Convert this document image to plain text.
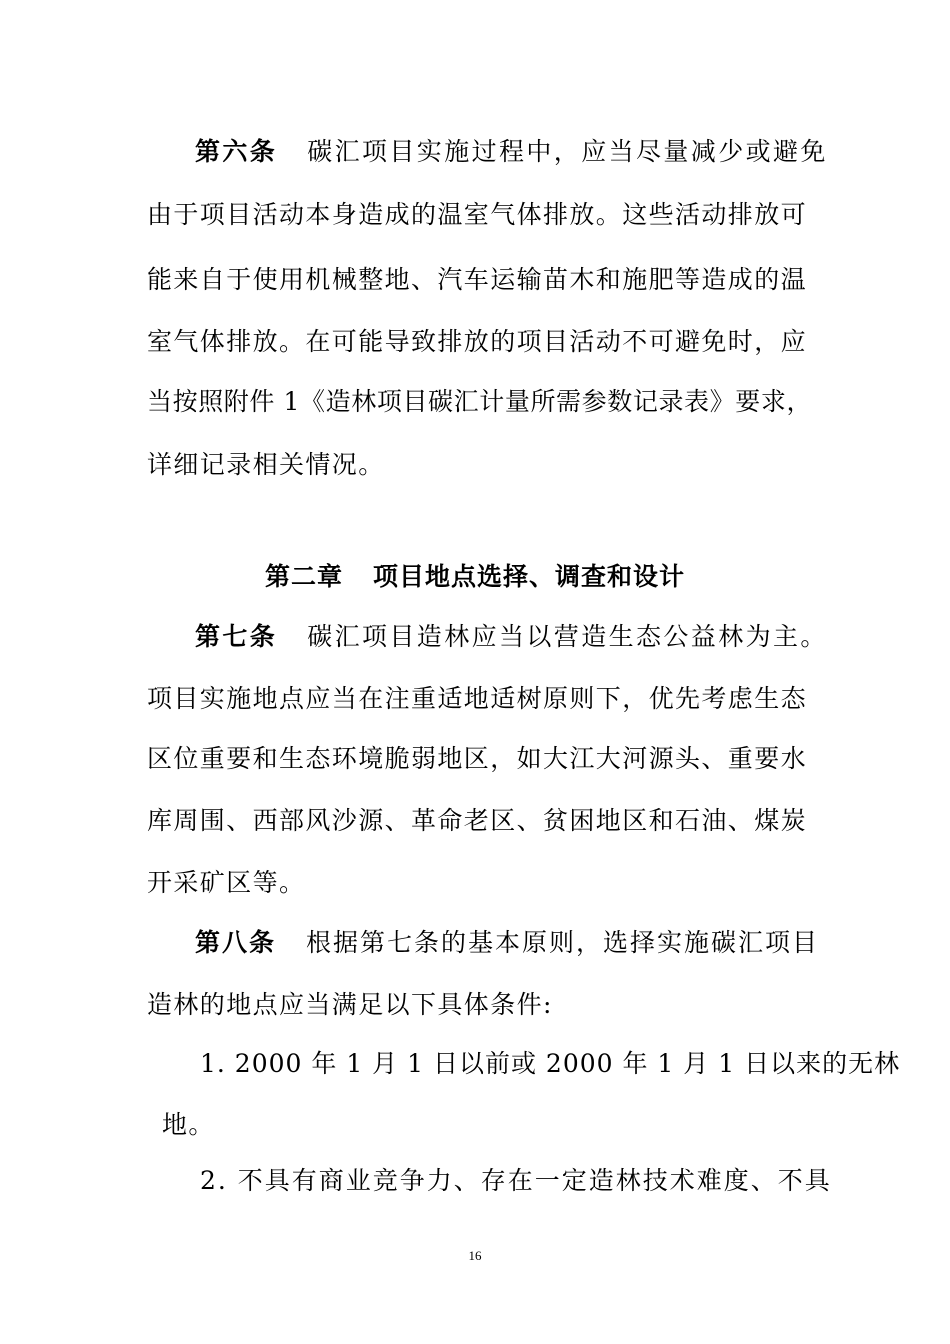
第六条 碳汇项目实施过程中，应当尽量减少或避免
由于项目活动本身造成的温室气体排放。这些活动排放可
能来自于使用机械整地、汽车运输苗木和施肥等造成的温
室气体排放。在可能导致排放的项目活动不可避免时，应
当按照附件 1《造林项目碳汇计量所需参数记录表》要求，
详细记录相关情况。
第二章 项目地点选择、调查和设计
第七条 碳汇项目造林应当以营造生态公益林为主。
项目实施地点应当在注重适地适树原则下，优先考虑生态
区位重要和生态环境脆弱地区，如大江大河源头、重要水
库周围、西部风沙源、革命老区、贫困地区和石油、煤炭
开采矿区等。
第八条 根据第七条的基本原则，选择实施碳汇项目
造林的地点应当满足以下具体条件:
1. 2000 年 1 月 1 日以前或 2000 年 1 月 1 日以来的无林
地。
2. 不具有商业竞争力、存在一定造林技术难度、不具
16
